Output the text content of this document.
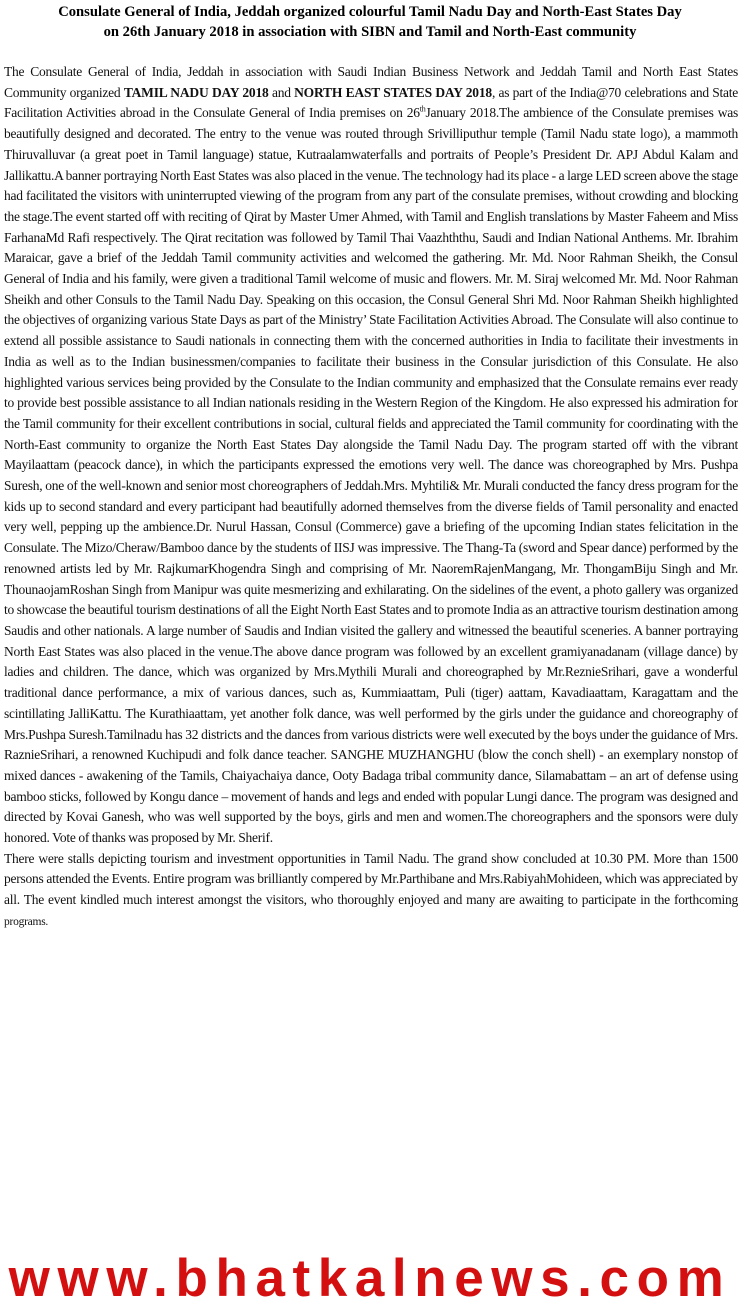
Consulate General of India, Jeddah organized colourful Tamil Nadu Day and North-East States Day
on 26th January 2018 in association with SIBN and Tamil and North-East community

The Consulate General of India, Jeddah in association with Saudi Indian Business Network and Jeddah Tamil and North East States Community organized TAMIL NADU DAY 2018 and NORTH EAST STATES DAY 2018, as part of the India@70 celebrations and State Facilitation Activities abroad in the Consulate General of India premises on 26thJanuary 2018.The ambience of the Consulate premises was beautifully designed and decorated. The entry to the venue was routed through Srivilliputhur temple (Tamil Nadu state logo), a mammoth Thiruvalluvar (a great poet in Tamil language) statue, Kutraalamwaterfalls and portraits of People’s President Dr. APJ Abdul Kalam and Jallikattu.A banner portraying North East States was also placed in the venue. The technology had its place - a large LED screen above the stage had facilitated the visitors with uninterrupted viewing of the program from any part of the consulate premises, without crowding and blocking the stage.The event started off with reciting of Qirat by Master Umer Ahmed, with Tamil and English translations by Master Faheem and Miss FarhanaMd Rafi respectively. The Qirat recitation was followed by Tamil Thai Vaazhththu, Saudi and Indian National Anthems. Mr. Ibrahim Maraicar, gave a brief of the Jeddah Tamil community activities and welcomed the gathering. Mr. Md. Noor Rahman Sheikh, the Consul General of India and his family, were given a traditional Tamil welcome of music and flowers. Mr. M. Siraj welcomed Mr. Md. Noor Rahman Sheikh and other Consuls to the Tamil Nadu Day. Speaking on this occasion, the Consul General Shri Md. Noor Rahman Sheikh highlighted the objectives of organizing various State Days as part of the Ministry’ State Facilitation Activities Abroad. The Consulate will also continue to extend all possible assistance to Saudi nationals in connecting them with the concerned authorities in India to facilitate their investments in India as well as to the Indian businessmen/companies to facilitate their business in the Consular jurisdiction of this Consulate. He also highlighted various services being provided by the Consulate to the Indian community and emphasized that the Consulate remains ever ready to provide best possible assistance to all Indian nationals residing in the Western Region of the Kingdom. He also expressed his admiration for the Tamil community for their excellent contributions in social, cultural fields and appreciated the Tamil community for coordinating with the North-East community to organize the North East States Day alongside the Tamil Nadu Day. The program started off with the vibrant Mayilaattam (peacock dance), in which the participants expressed the emotions very well. The dance was choreographed by Mrs. Pushpa Suresh, one of the well-known and senior most choreographers of Jeddah.Mrs. Myhtili& Mr. Murali conducted the fancy dress program for the kids up to second standard and every participant had beautifully adorned themselves from the diverse fields of Tamil personality and enacted very well, pepping up the ambience.Dr. Nurul Hassan, Consul (Commerce) gave a briefing of the upcoming Indian states felicitation in the Consulate. The Mizo/Cheraw/Bamboo dance by the students of IISJ was impressive. The Thang-Ta (sword and Spear dance) performed by the renowned artists led by Mr. RajkumarKhogendra Singh and comprising of Mr. NaoremRajenMangang, Mr. ThongamBiju Singh and Mr. ThounaojamRoshan Singh from Manipur was quite mesmerizing and exhilarating. On the sidelines of the event, a photo gallery was organized to showcase the beautiful tourism destinations of all the Eight North East States and to promote India as an attractive tourism destination among Saudis and other nationals. A large number of Saudis and Indian visited the gallery and witnessed the beautiful sceneries. A banner portraying North East States was also placed in the venue.The above dance program was followed by an excellent gramiyanadanam (village dance) by ladies and children. The dance, which was organized by Mrs.Mythili Murali and choreographed by Mr.ReznieSrihari, gave a wonderful traditional dance performance, a mix of various dances, such as, Kummiaattam, Puli (tiger) aattam, Kavadiaattam, Karagattam and the scintillating JalliKattu. The Kurathiaattam, yet another folk dance, was well performed by the girls under the guidance and choreography of Mrs.Pushpa Suresh.Tamilnadu has 32 districts and the dances from various districts were well executed by the boys under the guidance of Mrs. RaznieSrihari, a renowned Kuchipudi and folk dance teacher. SANGHE MUZHANGHU (blow the conch shell) - an exemplary nonstop of mixed dances - awakening of the Tamils, Chaiyachaiya dance, Ooty Badaga tribal community dance, Silamabattam – an art of defense using bamboo sticks, followed by Kongu dance – movement of hands and legs and ended with popular Lungi dance. The program was designed and directed by Kovai Ganesh, who was well supported by the boys, girls and men and women.The choreographers and the sponsors were duly honored. Vote of thanks was proposed by Mr. Sherif.

There were stalls depicting tourism and investment opportunities in Tamil Nadu. The grand show concluded at 10.30 PM. More than 1500 persons attended the Events. Entire program was brilliantly compered by Mr.Parthibane and Mrs.RabiyahMohideen, which was appreciated by all. The event kindled much interest amongst the visitors, who thoroughly enjoyed and many are awaiting to participate in the forthcoming programs.

www.bhatkalnews.com
